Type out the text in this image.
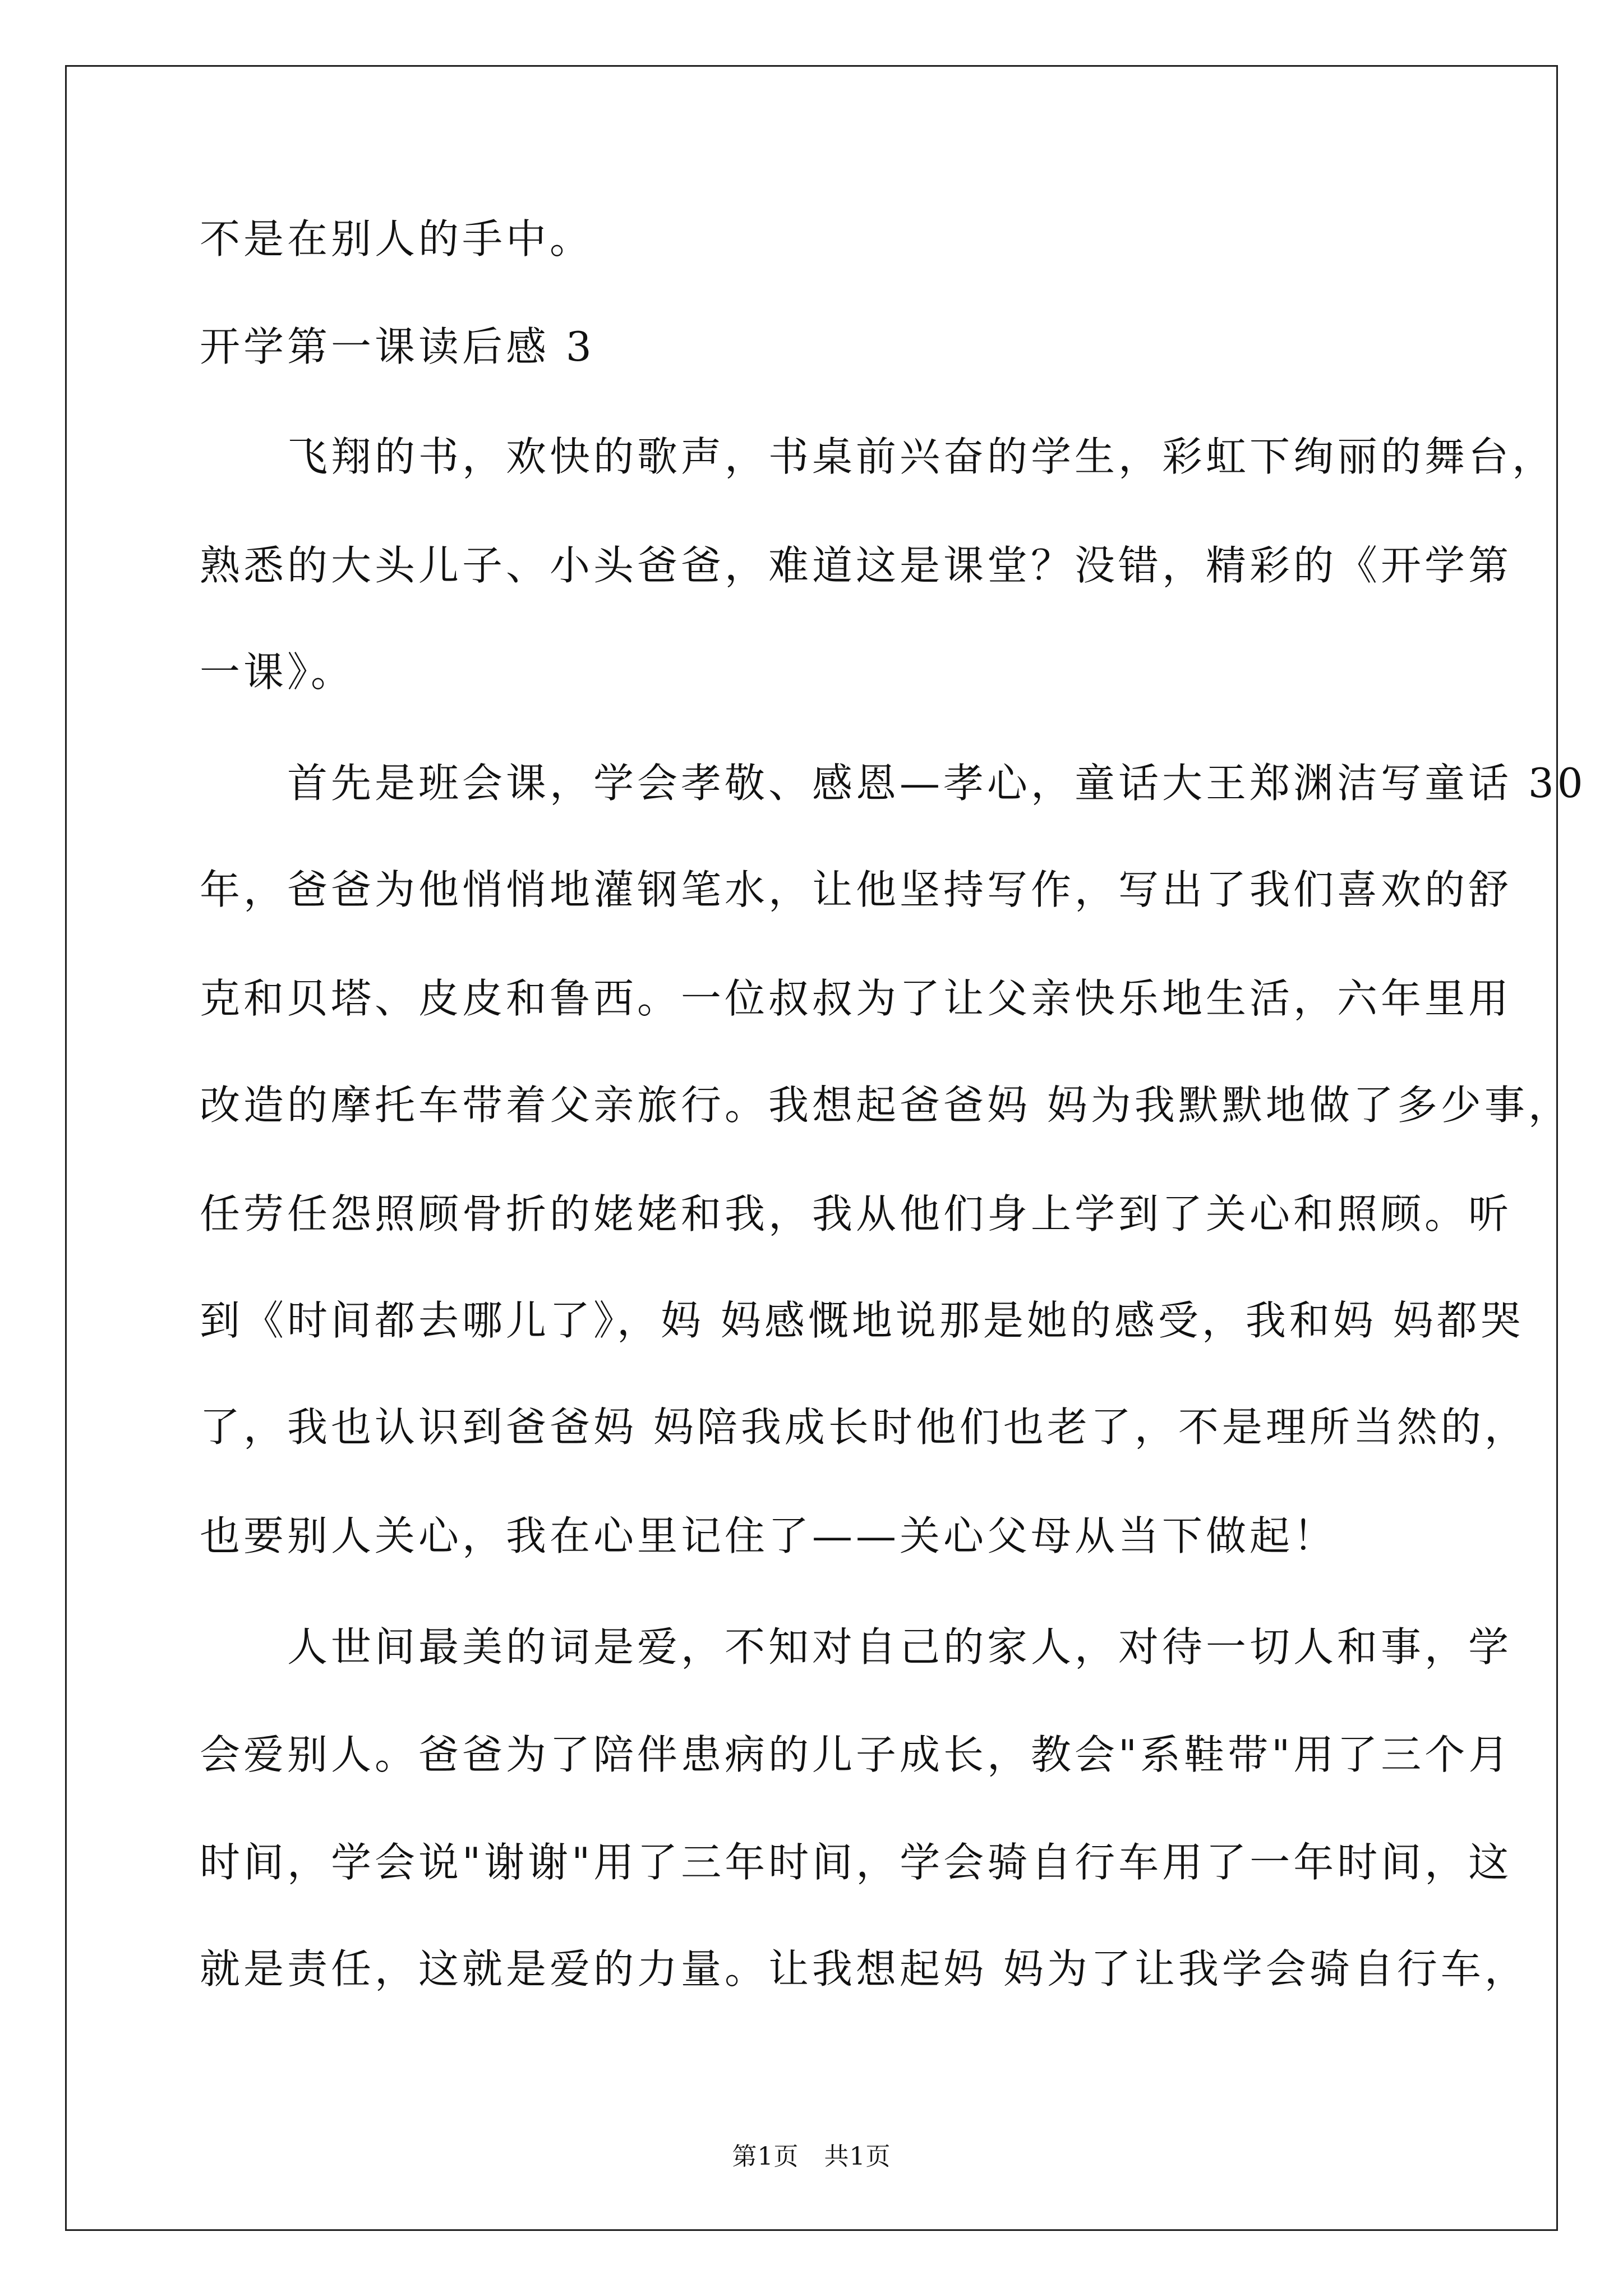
不是在别人的手中。
开学第一课读后感 3
　　飞翔的书，欢快的歌声，书桌前兴奋的学生，彩虹下绚丽的舞台，
熟悉的大头儿子、小头爸爸，难道这是课堂？没错，精彩的《开学第
一课》。
　　首先是班会课，学会孝敬、感恩—孝心，童话大王郑渊洁写童话 30
年，爸爸为他悄悄地灌钢笔水，让他坚持写作，写出了我们喜欢的舒
克和贝塔、皮皮和鲁西。一位叔叔为了让父亲快乐地生活，六年里用
改造的摩托车带着父亲旅行。我想起爸爸妈 妈为我默默地做了多少事，
任劳任怨照顾骨折的姥姥和我，我从他们身上学到了关心和照顾。听
到《时间都去哪儿了》，妈 妈感慨地说那是她的感受，我和妈 妈都哭
了，我也认识到爸爸妈 妈陪我成长时他们也老了，不是理所当然的，
也要别人关心，我在心里记住了——关心父母从当下做起！
　　人世间最美的词是爱，不知对自己的家人，对待一切人和事，学
会爱别人。爸爸为了陪伴患病的儿子成长，教会"系鞋带"用了三个月
时间，学会说"谢谢"用了三年时间，学会骑自行车用了一年时间，这
就是责任，这就是爱的力量。让我想起妈 妈为了让我学会骑自行车，
第1页　共1页
